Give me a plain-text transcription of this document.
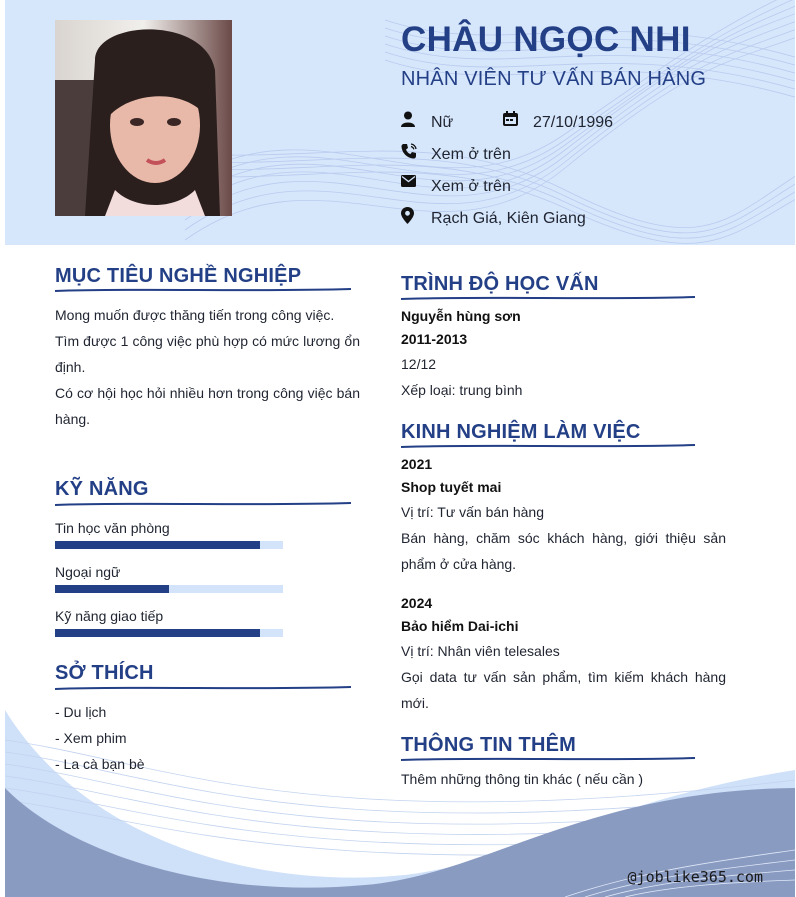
CHÂU NGỌC NHI
NHÂN VIÊN TƯ VẤN BÁN HÀNG
Nữ	27/10/1996
Xem ở trên
Xem ở trên
Rạch Giá, Kiên Giang
@joblike365.com
MỤC TIÊU NGHỀ NGHIỆP
Mong muốn được thăng tiến trong công việc.
Tìm được 1 công việc phù hợp có mức lương ổn định.
Có cơ hội học hỏi nhiều hơn trong công việc bán hàng.
KỸ NĂNG
Tin học văn phòng
Ngoại ngữ
Kỹ năng giao tiếp
SỞ THÍCH
- Du lịch
- Xem phim
- La cà bạn bè
TRÌNH ĐỘ HỌC VẤN
Nguyễn hùng sơn
2011-2013
12/12
Xếp loại: trung bình
KINH NGHIỆM LÀM VIỆC
2021
Shop tuyết mai
Vị trí: Tư vấn bán hàng
Bán hàng, chăm sóc khách hàng, giới thiệu sản phẩm ở cửa hàng.
2024
Bảo hiểm Dai-ichi
Vị trí: Nhân viên telesales
Gọi data tư vấn sản phẩm, tìm kiếm khách hàng mới.
THÔNG TIN THÊM
Thêm những thông tin khác ( nếu cần )
